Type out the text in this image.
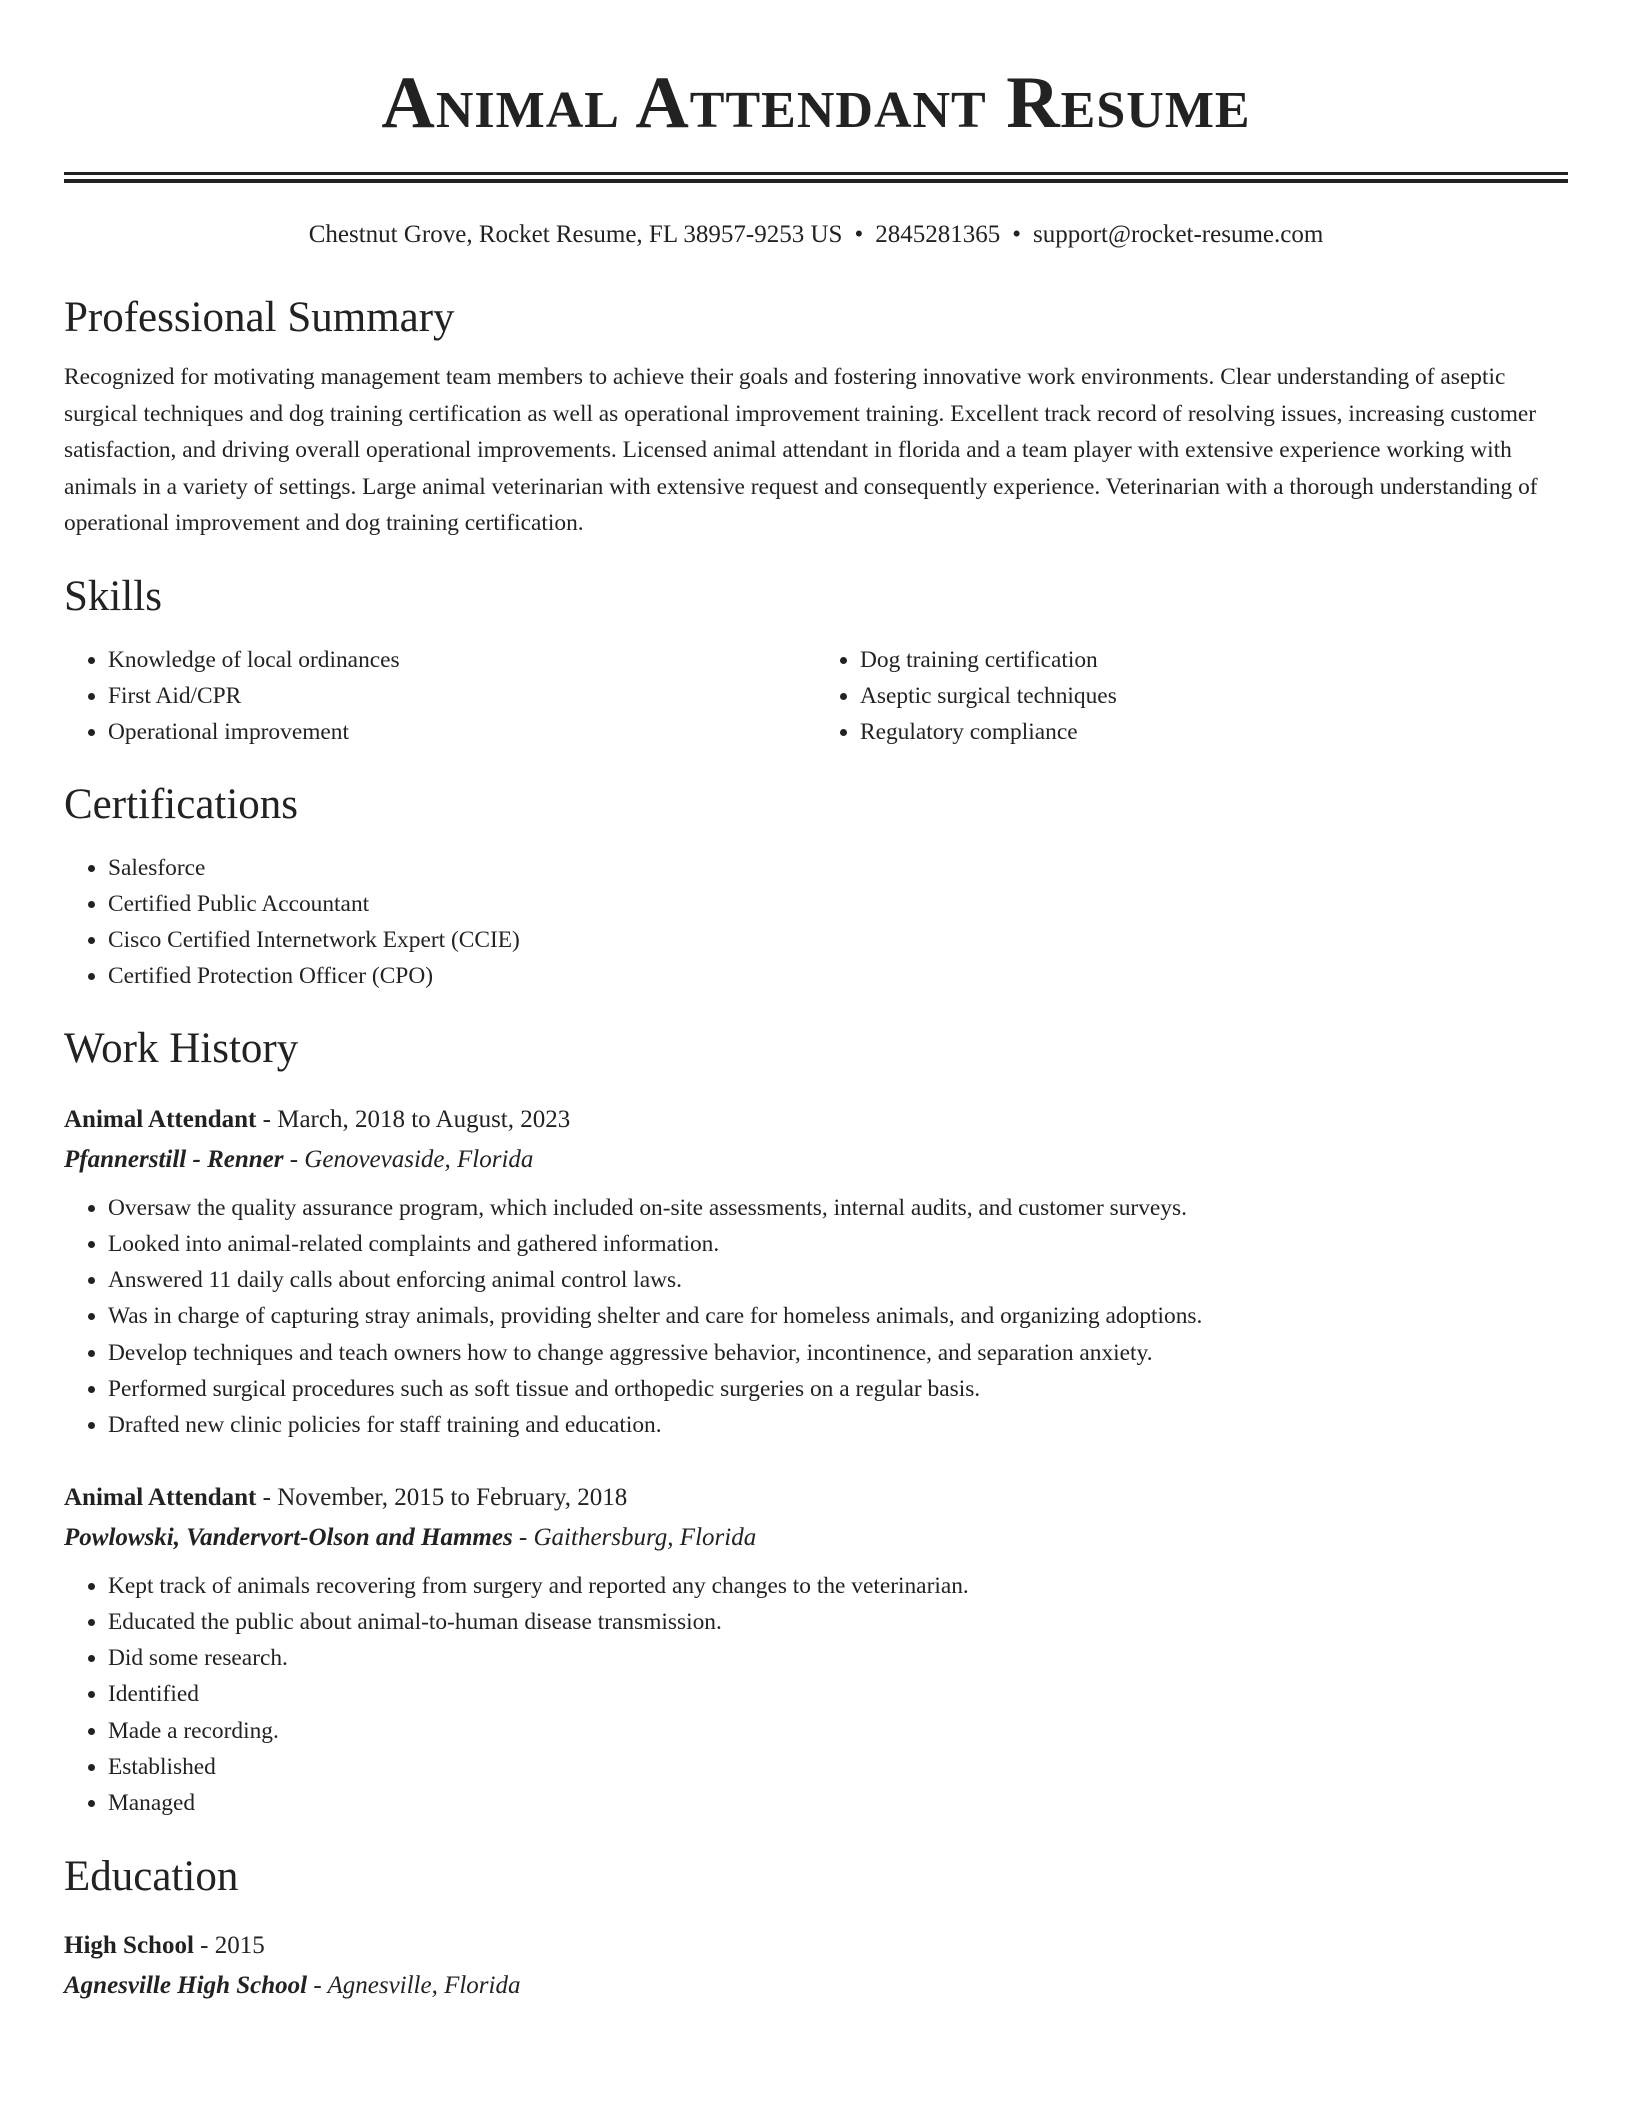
Animal Attendant Resume
Chestnut Grove, Rocket Resume, FL 38957-9253 US • 2845281365 • support@rocket-resume.com
Professional Summary

Recognized for motivating management team members to achieve their goals and fostering innovative work environments. Clear understanding of aseptic surgical techniques and dog training certification as well as operational improvement training. Excellent track record of resolving issues, increasing customer satisfaction, and driving overall operational improvements. Licensed animal attendant in florida and a team player with extensive experience working with animals in a variety of settings. Large animal veterinarian with extensive request and consequently experience. Veterinarian with a thorough understanding of operational improvement and dog training certification.

Skills
• Knowledge of local ordinances
• First Aid/CPR
• Operational improvement
• Dog training certification
• Aseptic surgical techniques
• Regulatory compliance
Certifications
• Salesforce
• Certified Public Accountant
• Cisco Certified Internetwork Expert (CCIE)
• Certified Protection Officer (CPO)
Work History
Animal Attendant - March, 2018 to August, 2023
Pfannerstill - Renner - Genovevaside, Florida
• Oversaw the quality assurance program, which included on-site assessments, internal audits, and customer surveys.
• Looked into animal-related complaints and gathered information.
• Answered 11 daily calls about enforcing animal control laws.
• Was in charge of capturing stray animals, providing shelter and care for homeless animals, and organizing adoptions.
• Develop techniques and teach owners how to change aggressive behavior, incontinence, and separation anxiety.
• Performed surgical procedures such as soft tissue and orthopedic surgeries on a regular basis.
• Drafted new clinic policies for staff training and education.
Animal Attendant - November, 2015 to February, 2018
Powlowski, Vandervort-Olson and Hammes - Gaithersburg, Florida
• Kept track of animals recovering from surgery and reported any changes to the veterinarian.
• Educated the public about animal-to-human disease transmission.
• Did some research.
• Identified
• Made a recording.
• Established
• Managed
Education
High School - 2015
Agnesville High School - Agnesville, Florida
